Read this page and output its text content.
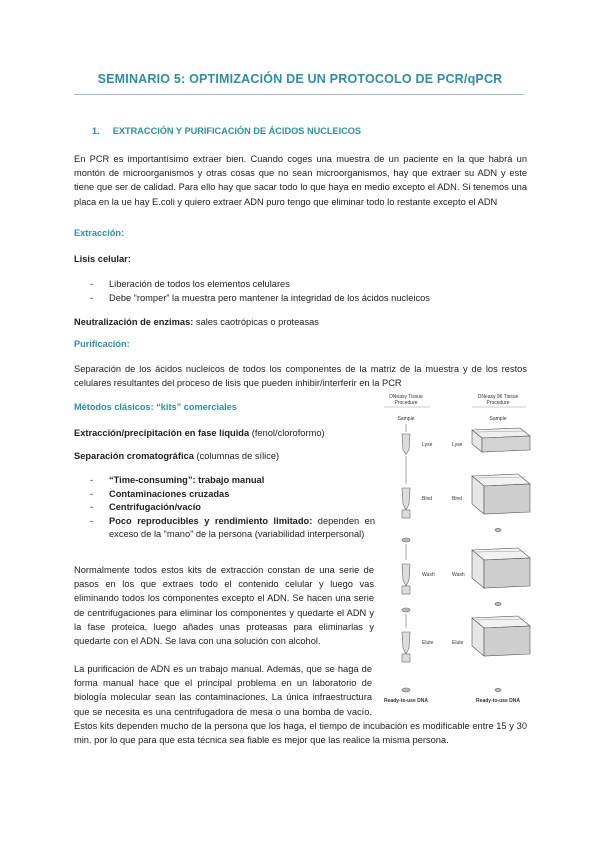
SEMINARIO 5: OPTIMIZACIÓN DE UN PROTOCOLO DE PCR/qPCR
1. EXTRACCIÓN Y PURIFICACIÓN DE ÁCIDOS NUCLEICOS
En PCR es importantísimo extraer bien. Cuando coges una muestra de un paciente en la que habrá un montón de microorganismos y otras cosas que no sean microorganismos, hay que extraer su ADN y este tiene que ser de calidad. Para ello hay que sacar todo lo que haya en medio excepto el ADN. Si tenemos una placa en la ue hay E.coli y quiero extraer ADN puro tengo que eliminar todo lo restante excepto el ADN
Extracción:
Lisis celular:
- Liberación de todos los elementos celulares
- Debe “romper” la muestra pero mantener la integridad de los ácidos nucleicos
Neutralización de enzimas: sales caotrópicas o proteasas
Purificación:
Separación de los ácidos nucleicos de todos los componentes de la matriz de la muestra y de los restos celulares resultantes del proceso de lisis que pueden inhibir/interferir en la PCR
Métodos clásicos: “kits” comerciales
Extracción/precipitación en fase líquida (fenol/cloroformo)
Separación cromatográfica (columnas de sílice)
- “Time-consuming”: trabajo manual
- Contaminaciones cruzadas
- Centrifugación/vacío
- Poco reproducibles y rendimiento limitado: dependen en exceso de la “mano” de la persona (variabilidad interpersonal)
Normalmente todos estos kits de extracción constan de una serie de pasos en los que extraes todo el contenido celular y luego vas eliminando todos los componentes excepto el ADN. Se hacen una serie de centrifugaciones para eliminar los componentes y quedarte el ADN y la fase proteica, luego añades unas proteasas para eliminarlas y quedarte con el ADN. Se lava con una solución con alcohol.
La purificación de ADN es un trabajo manual. Además, que se haga de forma manual hace que el principal problema en un laboratorio de biología molecular sean las contaminaciones. La única infraestructura que se necesita es una centrifugadora de mesa o una bomba de vacío. Estos kits dependen mucho de la persona que los haga, el tiempo de incubación es modificable entre 15 y 30 min. por lo que para que esta técnica sea fiable es mejor que las realice la misma persona.
DNeasy Tissue
Procedure
DNeasy 96 Tissue
Procedure
Sample	Sample
Lyse
Bind
Wash
Elute
Lyse
Bind
Wash
Elute
Ready-to-use DNA	Ready-to-use DNA
